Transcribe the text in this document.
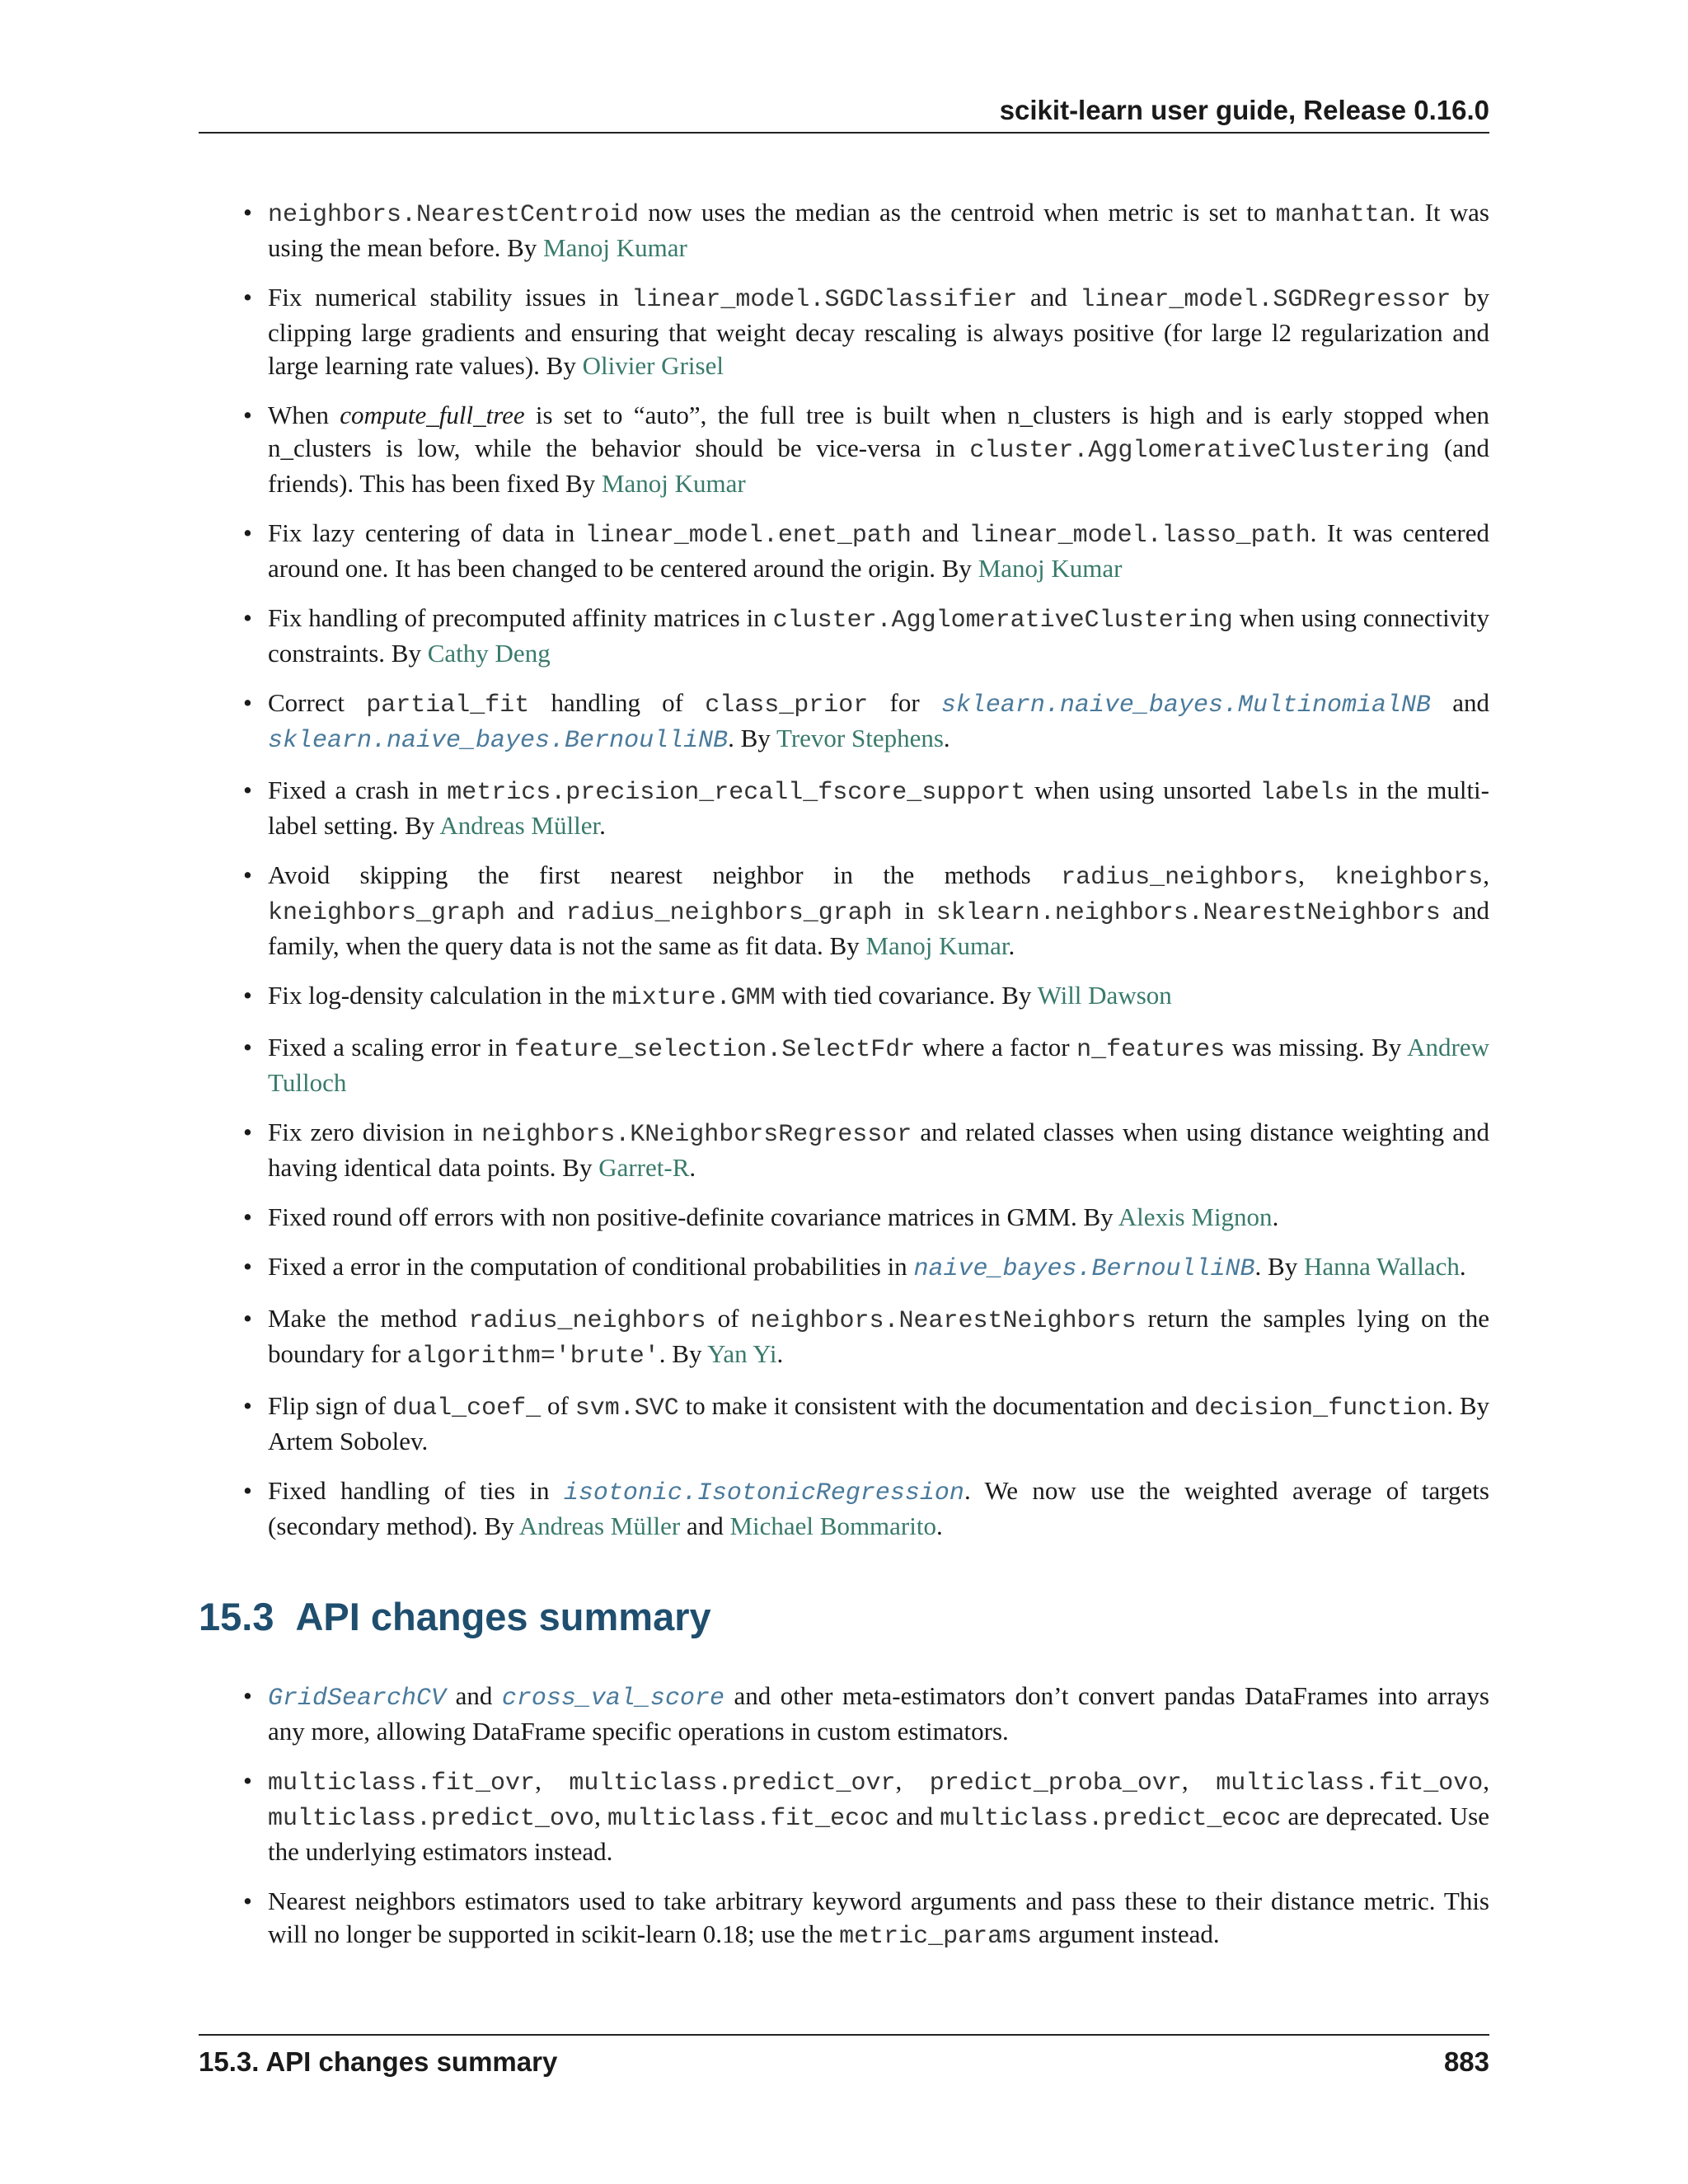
scikit-learn user guide, Release 0.16.0
• neighbors.NearestCentroid now uses the median as the centroid when metric is set to manhattan. It was using the mean before. By Manoj Kumar
• Fix numerical stability issues in linear_model.SGDClassifier and linear_model.SGDRegressor by clipping large gradients and ensuring that weight decay rescaling is always positive (for large l2 regularization and large learning rate values). By Olivier Grisel
• When compute_full_tree is set to “auto”, the full tree is built when n_clusters is high and is early stopped when n_clusters is low, while the behavior should be vice-versa in cluster.AgglomerativeClustering (and friends). This has been fixed By Manoj Kumar
• Fix lazy centering of data in linear_model.enet_path and linear_model.lasso_path. It was centered around one. It has been changed to be centered around the origin. By Manoj Kumar
• Fix handling of precomputed affinity matrices in cluster.AgglomerativeClustering when using connectivity constraints. By Cathy Deng
• Correct partial_fit handling of class_prior for sklearn.naive_bayes.MultinomialNB and sklearn.naive_bayes.BernoulliNB. By Trevor Stephens.
• Fixed a crash in metrics.precision_recall_fscore_support when using unsorted labels in the multi-label setting. By Andreas Müller.
• Avoid skipping the first nearest neighbor in the methods radius_neighbors, kneighbors, kneighbors_graph and radius_neighbors_graph in sklearn.neighbors.NearestNeighbors and family, when the query data is not the same as fit data. By Manoj Kumar.
• Fix log-density calculation in the mixture.GMM with tied covariance. By Will Dawson
• Fixed a scaling error in feature_selection.SelectFdr where a factor n_features was missing. By Andrew Tulloch
• Fix zero division in neighbors.KNeighborsRegressor and related classes when using distance weighting and having identical data points. By Garret-R.
• Fixed round off errors with non positive-definite covariance matrices in GMM. By Alexis Mignon.
• Fixed a error in the computation of conditional probabilities in naive_bayes.BernoulliNB. By Hanna Wallach.
• Make the method radius_neighbors of neighbors.NearestNeighbors return the samples lying on the boundary for algorithm='brute'. By Yan Yi.
• Flip sign of dual_coef_ of svm.SVC to make it consistent with the documentation and decision_function. By Artem Sobolev.
• Fixed handling of ties in isotonic.IsotonicRegression. We now use the weighted average of targets (secondary method). By Andreas Müller and Michael Bommarito.
15.3 API changes summary
• GridSearchCV and cross_val_score and other meta-estimators don’t convert pandas DataFrames into arrays any more, allowing DataFrame specific operations in custom estimators.
• multiclass.fit_ovr, multiclass.predict_ovr, predict_proba_ovr, multiclass.fit_ovo, multiclass.predict_ovo, multiclass.fit_ecoc and multiclass.predict_ecoc are deprecated. Use the underlying estimators instead.
• Nearest neighbors estimators used to take arbitrary keyword arguments and pass these to their distance metric. This will no longer be supported in scikit-learn 0.18; use the metric_params argument instead.
15.3. API changes summary	883
